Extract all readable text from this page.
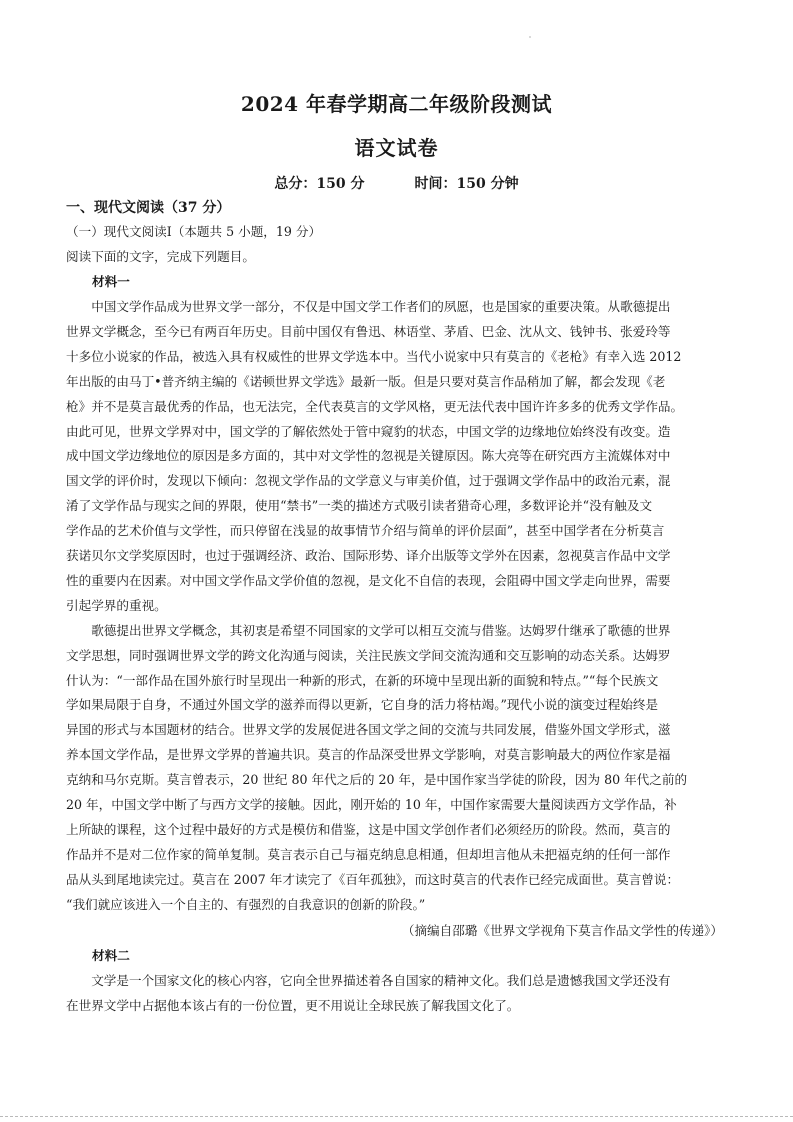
2024 年春学期高二年级阶段测试
语文试卷
总分：150 分	时间：150 分钟
一、现代文阅读（37 分）
（一）现代文阅读Ⅰ（本题共 5 小题，19 分）
阅读下面的文字，完成下列题目。
材料一
　　中国文学作品成为世界文学一部分，不仅是中国文学工作者们的夙愿，也是国家的重要决策。从歌德提出
世界文学概念，至今已有两百年历史。目前中国仅有鲁迅、林语堂、茅盾、巴金、沈从文、钱钟书、张爱玲等
十多位小说家的作品，被选入具有权威性的世界文学选本中。当代小说家中只有莫言的《老枪》有幸入选 2012
年出版的由马丁•普齐纳主编的《诺顿世界文学选》最新一版。但是只要对莫言作品稍加了解，都会发现《老
枪》并不是莫言最优秀的作品，也无法完，全代表莫言的文学风格，更无法代表中国许许多多的优秀文学作品。
由此可见，世界文学界对中，国文学的了解依然处于管中窥豹的状态，中国文学的边缘地位始终没有改变。造
成中国文学边缘地位的原因是多方面的，其中对文学性的忽视是关键原因。陈大亮等在研究西方主流媒体对中
国文学的评价时，发现以下倾向：忽视文学作品的文学意义与审美价值，过于强调文学作品中的政治元素，混
淆了文学作品与现实之间的界限，使用“禁书”一类的描述方式吸引读者猎奇心理，多数评论并“没有触及文
学作品的艺术价值与文学性，而只停留在浅显的故事情节介绍与简单的评价层面”，甚至中国学者在分析莫言
获诺贝尔文学奖原因时，也过于强调经济、政治、国际形势、译介出版等文学外在因素，忽视莫言作品中文学
性的重要内在因素。对中国文学作品文学价值的忽视，是文化不自信的表现，会阻碍中国文学走向世界，需要
引起学界的重视。
　　歌德提出世界文学概念，其初衷是希望不同国家的文学可以相互交流与借鉴。达姆罗什继承了歌德的世界
文学思想，同时强调世界文学的跨文化沟通与阅读，关注民族文学间交流沟通和交互影响的动态关系。达姆罗
什认为：“一部作品在国外旅行时呈现出一种新的形式，在新的环境中呈现出新的面貌和特点。”“每个民族文
学如果局限于自身，不通过外国文学的滋养而得以更新，它自身的活力将枯竭。”现代小说的演变过程始终是
异国的形式与本国题材的结合。世界文学的发展促进各国文学之间的交流与共同发展，借鉴外国文学形式，滋
养本国文学作品，是世界文学界的普遍共识。莫言的作品深受世界文学影响，对莫言影响最大的两位作家是福
克纳和马尔克斯。莫言曾表示，20 世纪 80 年代之后的 20 年，是中国作家当学徒的阶段，因为 80 年代之前的
20 年，中国文学中断了与西方文学的接触。因此，刚开始的 10 年，中国作家需要大量阅读西方文学作品，补
上所缺的课程，这个过程中最好的方式是模仿和借鉴，这是中国文学创作者们必须经历的阶段。然而，莫言的
作品并不是对二位作家的简单复制。莫言表示自己与福克纳息息相通，但却坦言他从未把福克纳的任何一部作
品从头到尾地读完过。莫言在 2007 年才读完了《百年孤独》，而这时莫言的代表作已经完成面世。莫言曾说：
“我们就应该进入一个自主的、有强烈的自我意识的创新的阶段。”
（摘编自邵璐《世界文学视角下莫言作品文学性的传递》）
材料二
　　文学是一个国家文化的核心内容，它向全世界描述着各自国家的精神文化。我们总是遗憾我国文学还没有
在世界文学中占据他本该占有的一份位置，更不用说让全球民族了解我国文化了。
